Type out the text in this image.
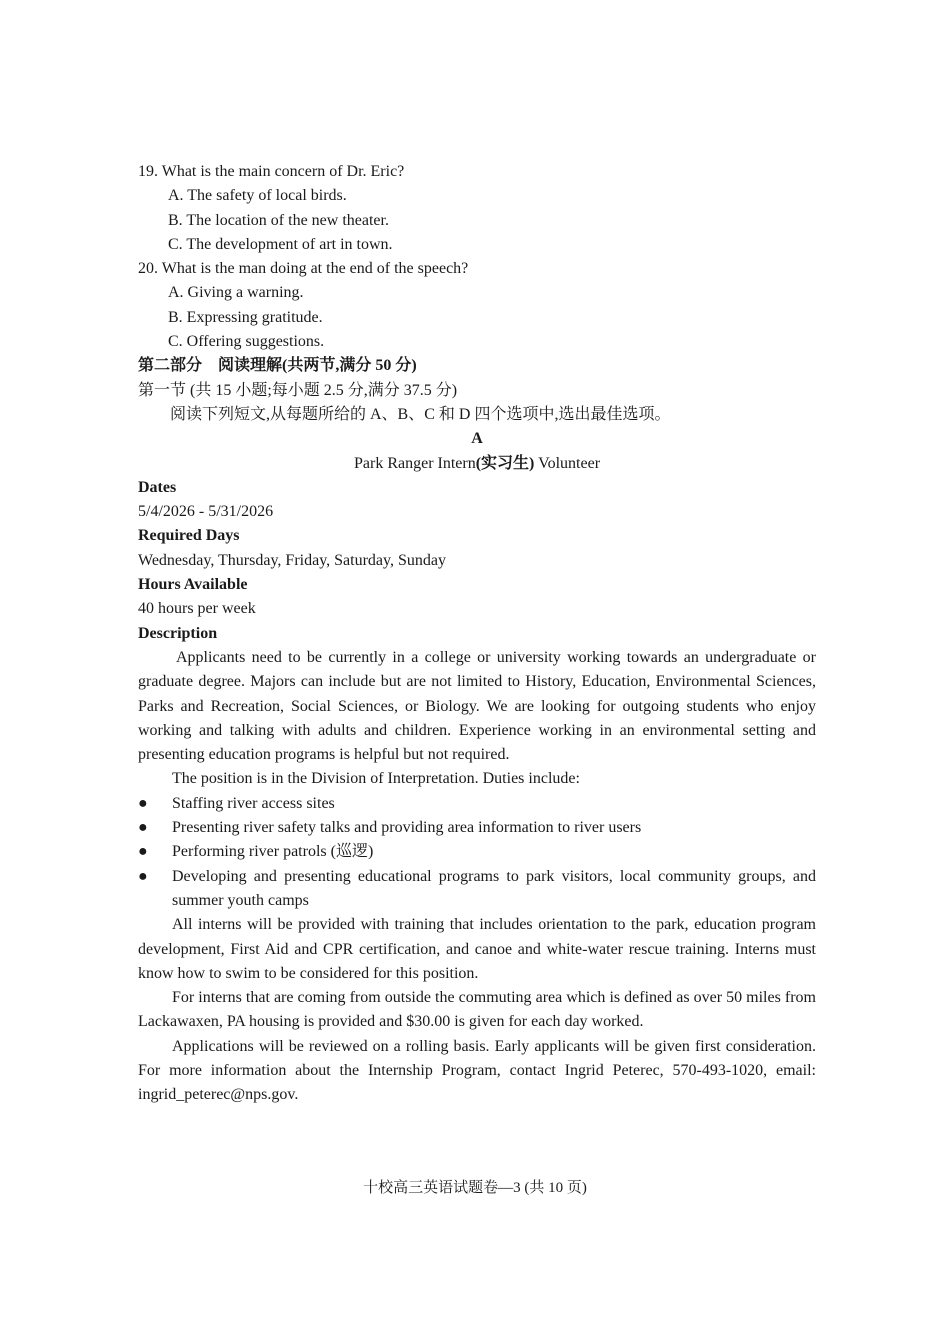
19. What is the main concern of Dr. Eric?
A. The safety of local birds.
B. The location of the new theater.
C. The development of art in town.
20. What is the man doing at the end of the speech?
A. Giving a warning.
B. Expressing gratitude.
C. Offering suggestions.
第二部分　阅读理解(共两节,满分 50 分)
第一节 (共 15 小题;每小题 2.5 分,满分 37.5 分)
阅读下列短文,从每题所给的 A、B、C 和 D 四个选项中,选出最佳选项。
A
Park Ranger Intern(实习生) Volunteer
Dates
5/4/2026 - 5/31/2026
Required Days
Wednesday, Thursday, Friday, Saturday, Sunday
Hours Available
40 hours per week
Description

Applicants need to be currently in a college or university working towards an undergraduate or graduate degree. Majors can include but are not limited to History, Education, Environmental Sciences, Parks and Recreation, Social Sciences, or Biology. We are looking for outgoing students who enjoy working and talking with adults and children. Experience working in an environmental setting and presenting education programs is helpful but not required.

The position is in the Division of Interpretation. Duties include:

● Staffing river access sites
● Presenting river safety talks and providing area information to river users
● Performing river patrols (巡逻)
● Developing and presenting educational programs to park visitors, local community groups, and summer youth camps

All interns will be provided with training that includes orientation to the park, education program development, First Aid and CPR certification, and canoe and white-water rescue training. Interns must know how to swim to be considered for this position.

For interns that are coming from outside the commuting area which is defined as over 50 miles from Lackawaxen, PA housing is provided and $30.00 is given for each day worked.

Applications will be reviewed on a rolling basis. Early applicants will be given first consideration. For more information about the Internship Program, contact Ingrid Peterec, 570-493-1020, email: ingrid_peterec@nps.gov.

十校高三英语试题卷—3 (共 10 页)
